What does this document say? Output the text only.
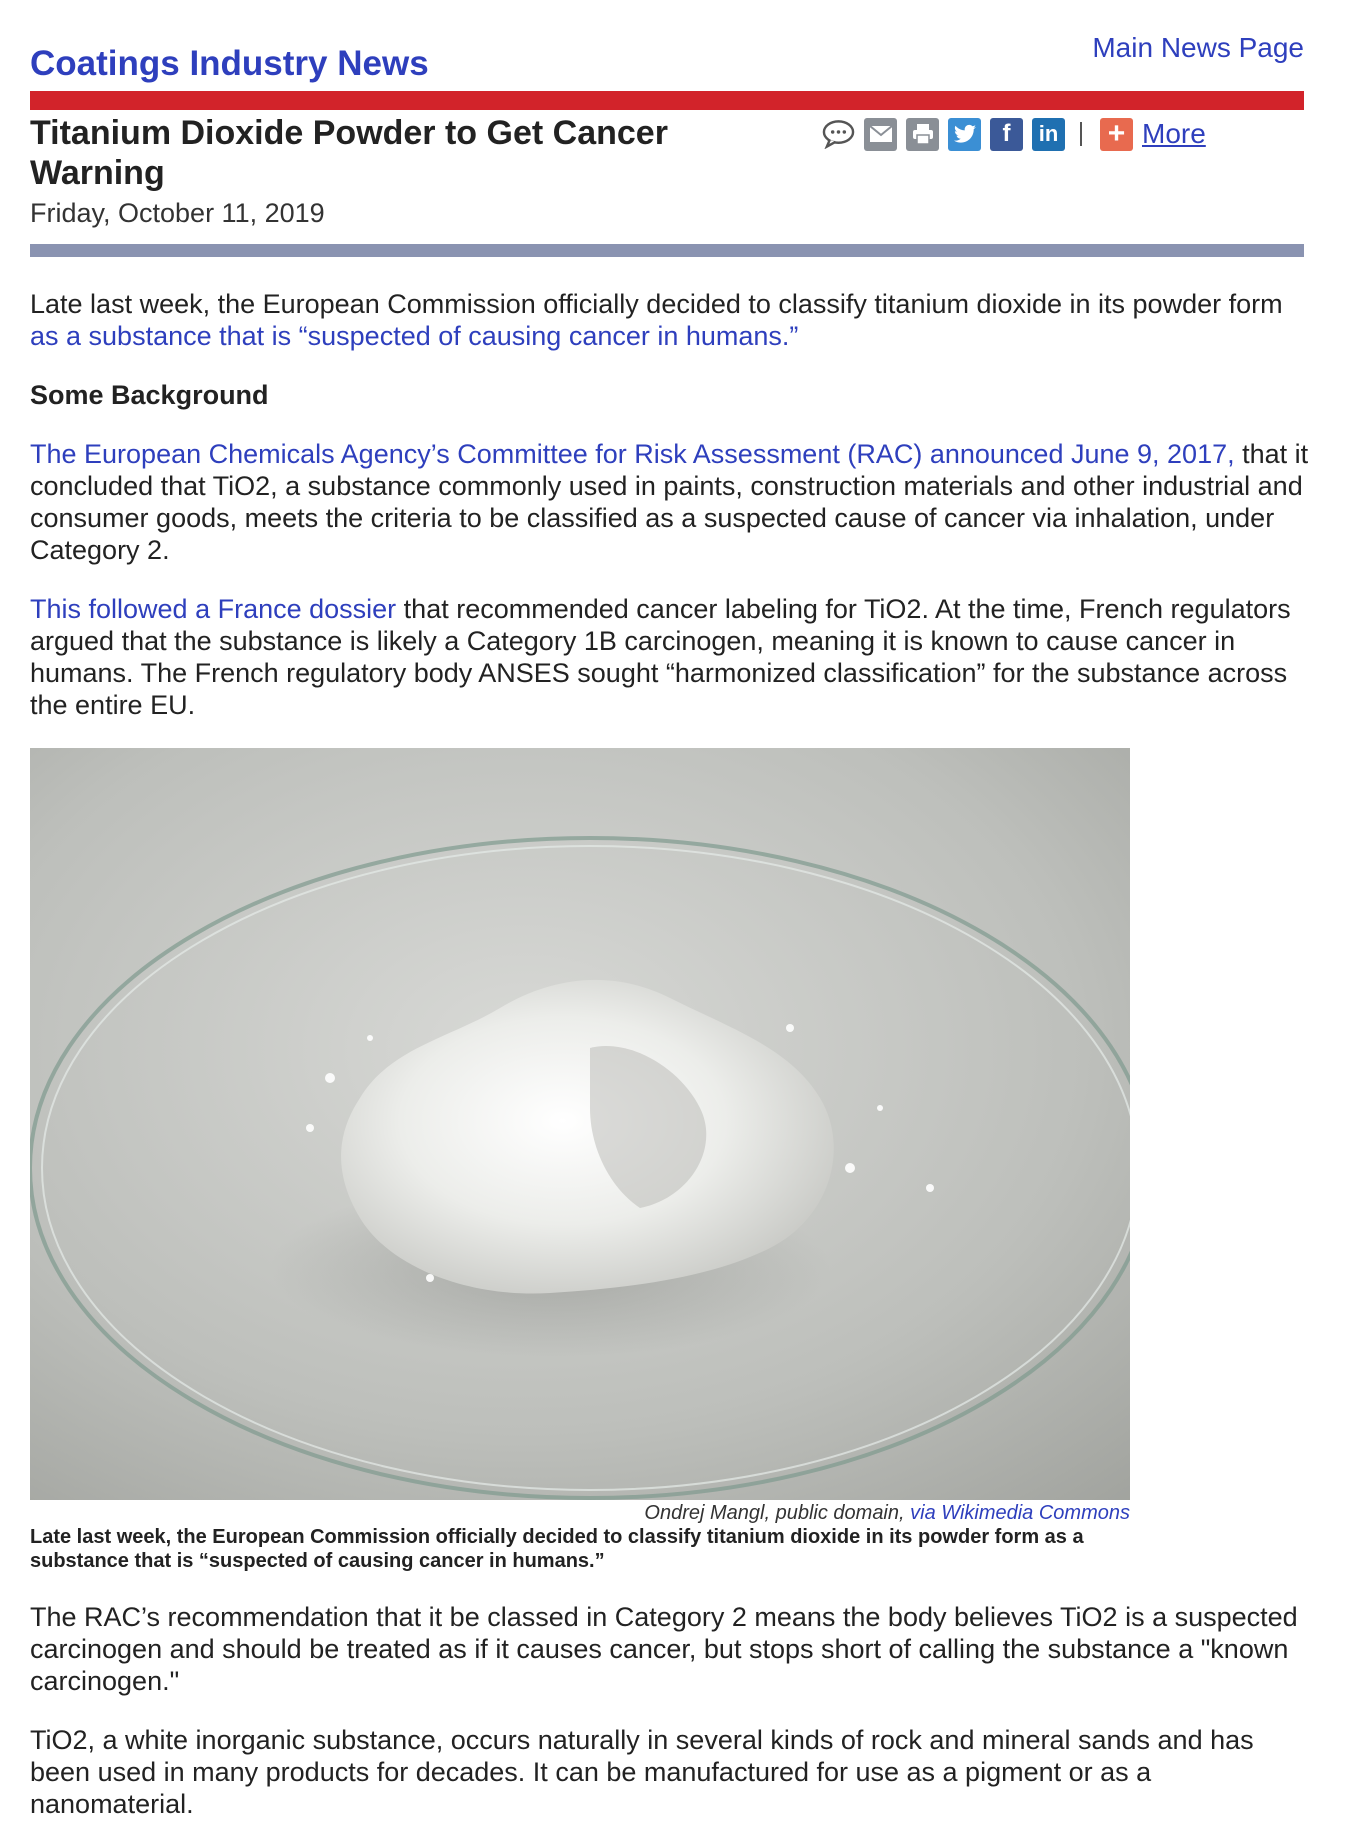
Coatings Industry News	Main News Page
Titanium Dioxide Powder to Get Cancer Warning
Friday, October 11, 2019
f	in + More

Late last week, the European Commission officially decided to classify titanium dioxide in its powder form as a substance that is “suspected of causing cancer in humans.”

Some Background

The European Chemicals Agency’s Committee for Risk Assessment (RAC) announced June 9, 2017, that it concluded that TiO2, a substance commonly used in paints, construction materials and other industrial and consumer goods, meets the criteria to be classified as a suspected cause of cancer via inhalation, under Category 2.

This followed a France dossier that recommended cancer labeling for TiO2. At the time, French regulators argued that the substance is likely a Category 1B carcinogen, meaning it is known to cause cancer in humans. The French regulatory body ANSES sought “harmonized classification” for the substance across the entire EU.

Ondrej Mangl, public domain, via Wikimedia Commons
Late last week, the European Commission officially decided to classify titanium dioxide in its powder form as a substance that is “suspected of causing cancer in humans.”

The RAC’s recommendation that it be classed in Category 2 means the body believes TiO2 is a suspected carcinogen and should be treated as if it causes cancer, but stops short of calling the substance a "known carcinogen."

TiO2, a white inorganic substance, occurs naturally in several kinds of rock and mineral sands and has been used in many products for decades. It can be manufactured for use as a pigment or as a nanomaterial.
